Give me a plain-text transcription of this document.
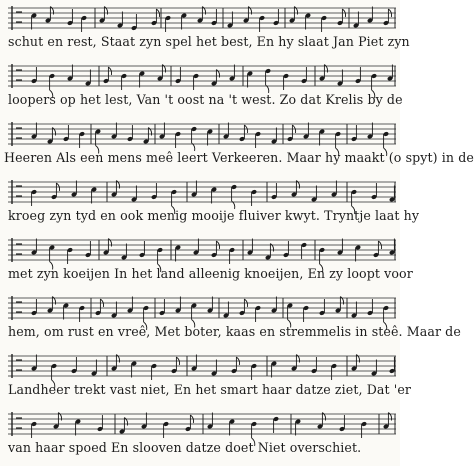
schut en rest, Staat zyn spel het best, En hy slaat Jan Piet zyn
loopers op het lest, Van 't oost na 't west. Zo dat Krelis by de
Heeren Als een mens meê leert Verkeeren. Maar hy maakt (o spyt) in de
kroeg zyn tyd en ook menig mooije fluiver kwyt. Tryntje laat hy
met zyn koeijen In het land alleenig knoeijen, En zy loopt voor
hem, om rust en vreê, Met boter, kaas en stremmelis in steê. Maar de
Landheer trekt vast niet, En het smart haar datze ziet, Dat 'er
van haar spoed En slooven datze doet Niet overschiet.
